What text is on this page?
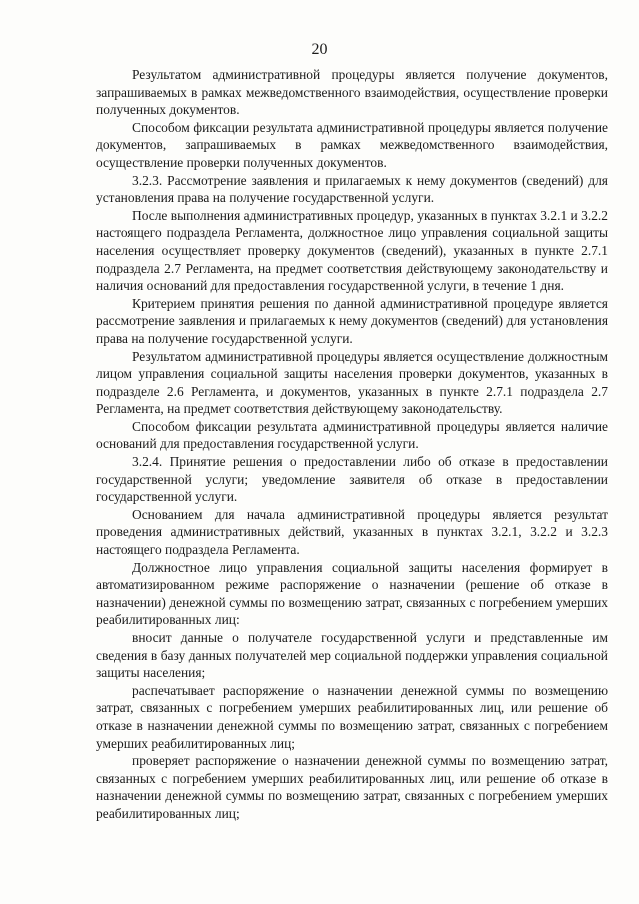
20

Результатом административной процедуры является получение документов, запрашиваемых в рамках межведомственного взаимодействия, осуществление проверки полученных документов.

Способом фиксации результата административной процедуры является получение документов, запрашиваемых в рамках межведомственного взаимодействия, осуществление проверки полученных документов.

3.2.3. Рассмотрение заявления и прилагаемых к нему документов (сведений) для установления права на получение государственной услуги.

После выполнения административных процедур, указанных в пунктах 3.2.1 и 3.2.2 настоящего подраздела Регламента, должностное лицо управления социальной защиты населения осуществляет проверку документов (сведений), указанных в пункте 2.7.1 подраздела 2.7 Регламента, на предмет соответствия действующему законодательству и наличия оснований для предоставления государственной услуги, в течение 1 дня.

Критерием принятия решения по данной административной процедуре является рассмотрение заявления и прилагаемых к нему документов (сведений) для установления права на получение государственной услуги.

Результатом административной процедуры является осуществление должностным лицом управления социальной защиты населения проверки документов, указанных в подразделе 2.6 Регламента, и документов, указанных в пункте 2.7.1 подраздела 2.7 Регламента, на предмет соответствия действующему законодательству.

Способом фиксации результата административной процедуры является наличие оснований для предоставления государственной услуги.

3.2.4. Принятие решения о предоставлении либо об отказе в предоставлении государственной услуги; уведомление заявителя об отказе в предоставлении государственной услуги.

Основанием для начала административной процедуры является результат проведения административных действий, указанных в пунктах 3.2.1, 3.2.2 и 3.2.3 настоящего подраздела Регламента.

Должностное лицо управления социальной защиты населения формирует в автоматизированном режиме распоряжение о назначении (решение об отказе в назначении) денежной суммы по возмещению затрат, связанных с погребением умерших реабилитированных лиц:

вносит данные о получателе государственной услуги и представленные им сведения в базу данных получателей мер социальной поддержки управления социальной защиты населения;

распечатывает распоряжение о назначении денежной суммы по возмещению затрат, связанных с погребением умерших реабилитированных лиц, или решение об отказе в назначении денежной суммы по возмещению затрат, связанных с погребением умерших реабилитированных лиц;

проверяет распоряжение о назначении денежной суммы по возмещению затрат, связанных с погребением умерших реабилитированных лиц, или решение об отказе в назначении денежной суммы по возмещению затрат, связанных с погребением умерших реабилитированных лиц;
